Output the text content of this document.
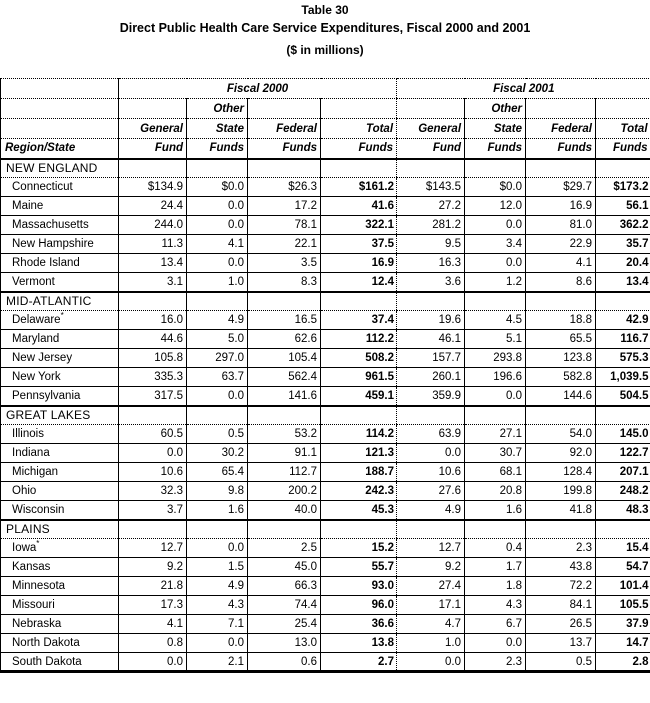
Table 30
Direct Public Health Care Service Expenditures, Fiscal 2000 and 2001
($ in millions)
	Fiscal 2000				Fiscal 2001			
		Other				Other		
	General	State	Federal	Total	General	State	Federal	Total
Region/State	Fund	Funds	Funds	Funds	Fund	Funds	Funds	Funds
NEW ENGLAND								
Connecticut	$134.9	$0.0	$26.3	$161.2	$143.5	$0.0	$29.7	$173.2
Maine	24.4	0.0	17.2	41.6	27.2	12.0	16.9	56.1
Massachusetts	244.0	0.0	78.1	322.1	281.2	0.0	81.0	362.2
New Hampshire	11.3	4.1	22.1	37.5	9.5	3.4	22.9	35.7
Rhode Island	13.4	0.0	3.5	16.9	16.3	0.0	4.1	20.4
Vermont	3.1	1.0	8.3	12.4	3.6	1.2	8.6	13.4
MID-ATLANTIC								
Delaware*	16.0	4.9	16.5	37.4	19.6	4.5	18.8	42.9
Maryland	44.6	5.0	62.6	112.2	46.1	5.1	65.5	116.7
New Jersey	105.8	297.0	105.4	508.2	157.7	293.8	123.8	575.3
New York	335.3	63.7	562.4	961.5	260.1	196.6	582.8	1,039.5
Pennsylvania	317.5	0.0	141.6	459.1	359.9	0.0	144.6	504.5
GREAT LAKES								
Illinois	60.5	0.5	53.2	114.2	63.9	27.1	54.0	145.0
Indiana	0.0	30.2	91.1	121.3	0.0	30.7	92.0	122.7
Michigan	10.6	65.4	112.7	188.7	10.6	68.1	128.4	207.1
Ohio	32.3	9.8	200.2	242.3	27.6	20.8	199.8	248.2
Wisconsin	3.7	1.6	40.0	45.3	4.9	1.6	41.8	48.3
PLAINS								
Iowa*	12.7	0.0	2.5	15.2	12.7	0.4	2.3	15.4
Kansas	9.2	1.5	45.0	55.7	9.2	1.7	43.8	54.7
Minnesota	21.8	4.9	66.3	93.0	27.4	1.8	72.2	101.4
Missouri	17.3	4.3	74.4	96.0	17.1	4.3	84.1	105.5
Nebraska	4.1	7.1	25.4	36.6	4.7	6.7	26.5	37.9
North Dakota	0.8	0.0	13.0	13.8	1.0	0.0	13.7	14.7
South Dakota	0.0	2.1	0.6	2.7	0.0	2.3	0.5	2.8
